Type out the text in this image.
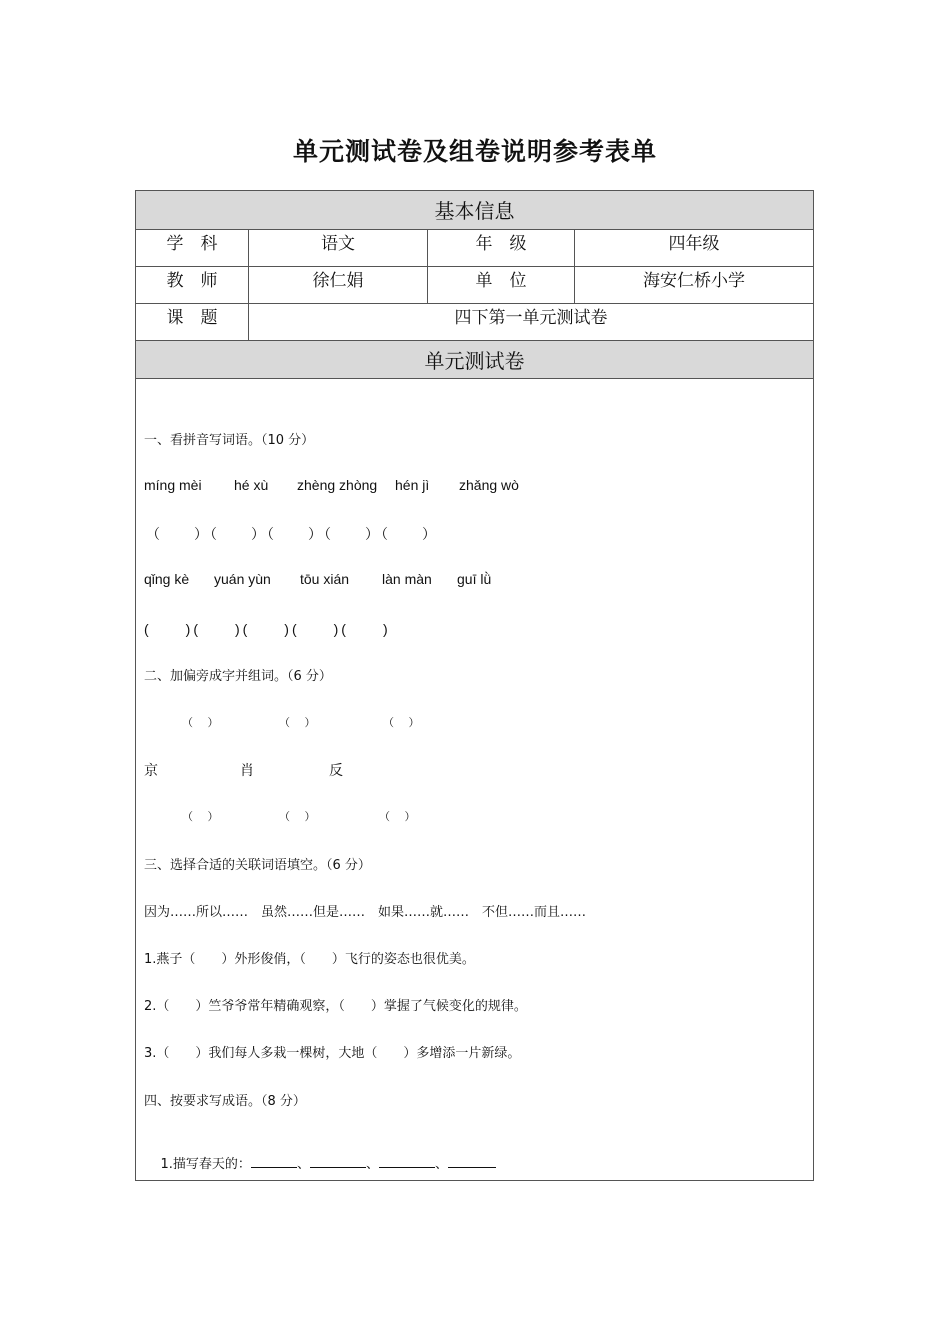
单元测试卷及组卷说明参考表单
基本信息
学　科	语文	年　级	四年级
教　师	徐仁娟	单　位	海安仁桥小学
课　题	四下第一单元测试卷
单元测试卷
一、看拼音写词语。（10 分）
míng mèi hé xù zhèng zhòng hén jì zhǎng wò
（　　）（　　）（　　）（　　）（　　）
qǐng kè yuán yùn tōu xián làn màn guī lǜ
(　　)(　　)(　　)(　　)(　　)
二、加偏旁成字并组词。（6 分）
（　 ）	（　 ）	（　 ）
京	肖	反
（　 ）	（　 ）	（　 ）
三、选择合适的关联词语填空。（6 分）
因为……所以……　虽然……但是……　如果……就……　不但……而且……
1.燕子（　　）外形俊俏，（　　）飞行的姿态也很优美。
2.（　　）竺爷爷常年精确观察，（　　）掌握了气候变化的规律。
3.（　　）我们每人多栽一棵树，大地（　　）多增添一片新绿。
四、按要求写成语。（8 分）

1.描写春天的：	、	、	、
